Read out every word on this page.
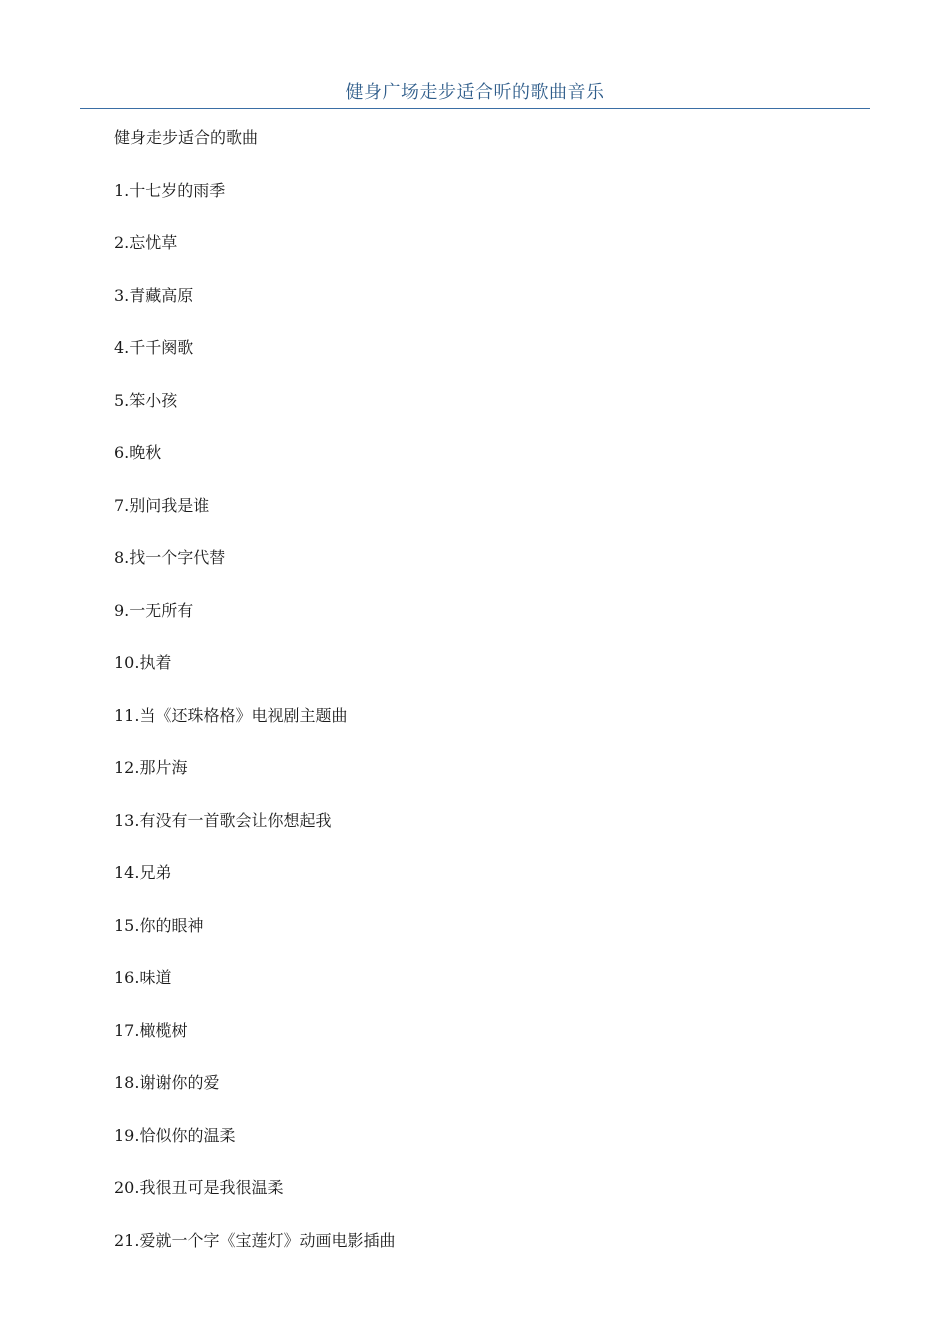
健身广场走步适合听的歌曲音乐
健身走步适合的歌曲
1.十七岁的雨季
2.忘忧草
3.青藏高原
4.千千阕歌
5.笨小孩
6.晚秋
7.别问我是谁
8.找一个字代替
9.一无所有
10.执着
11.当《还珠格格》电视剧主题曲
12.那片海
13.有没有一首歌会让你想起我
14.兄弟
15.你的眼神
16.味道
17.橄榄树
18.谢谢你的爱
19.恰似你的温柔
20.我很丑可是我很温柔
21.爱就一个字《宝莲灯》动画电影插曲
